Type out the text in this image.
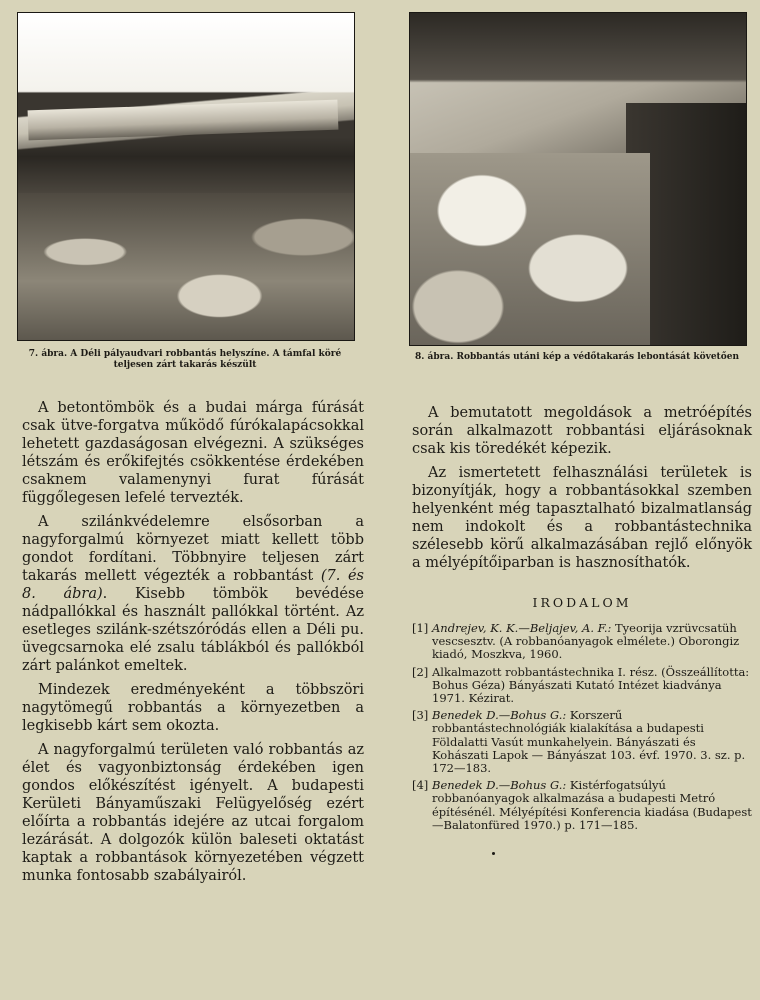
7. ábra. A Déli pályaudvari robbantás helyszíne. A támfal köré teljesen zárt takarás készült
8. ábra. Robbantás utáni kép a védőtakarás lebontását követően

A betontömbök és a budai márga fúrását csak ütve-forgatva működő fúrókalapácsokkal lehetett gazdaságosan elvégezni. A szükséges létszám és erőkifejtés csökkentése érdekében csaknem valamenynyi furat fúrását függőlegesen lefelé tervezték.

A szilánkvédelemre elsősorban a nagyforgalmú környezet miatt kellett több gondot fordítani. Többnyire teljesen zárt takarás mellett végezték a robbantást (7. és 8. ábra). Kisebb tömbök bevédése nádpallókkal és használt pallókkal történt. Az esetleges szilánk-szétszóródás ellen a Déli pu. üvegcsarnoka elé zsalu táblákból és pallókból zárt palánkot emeltek.

Mindezek eredményeként a többszöri nagytömegű robbantás a környezetben a legkisebb kárt sem okozta.

A nagyforgalmú területen való robbantás az élet és vagyonbiztonság érdekében igen gondos előkészítést igényelt. A budapesti Kerületi Bányaműszaki Felügyelőség ezért előírta a robbantás idejére az utcai forgalom lezárását. A dolgozók külön baleseti oktatást kaptak a robbantások környezetében végzett munka fontosabb szabályairól.

A bemutatott megoldások a metróépítés során alkalmazott robbantási eljárásoknak csak kis töredékét képezik.

Az ismertetett felhasználási területek is bizonyítják, hogy a robbantásokkal szemben helyenként még tapasztalható bizalmatlanság nem indokolt és a robbantástechnika szélesebb körű alkalmazásában rejlő előnyök a mélyépítőiparban is hasznosíthatók.

IRODALOM
[1] Andrejev, K. K.—Beljajev, A. F.: Tyeorija vzrüvcsatüh vescsesztv. (A robbanóanyagok elmélete.) Oborongiz kiadó, Moszkva, 1960.
[2] Alkalmazott robbantástechnika I. rész. (Összeállította: Bohus Géza) Bányászati Kutató Intézet kiadványa 1971. Kézirat.
[3] Benedek D.—Bohus G.: Korszerű robbantástechnológiák kialakítása a budapesti Földalatti Vasút munkahelyein. Bányászati és Kohászati Lapok — Bányászat 103. évf. 1970. 3. sz. p. 172—183.
[4] Benedek D.—Bohus G.: Kistérfogatsúlyú robbanóanyagok alkalmazása a budapesti Metró építésénél. Mélyépítési Konferencia kiadása (Budapest—Balatonfüred 1970.) p. 171—185.
